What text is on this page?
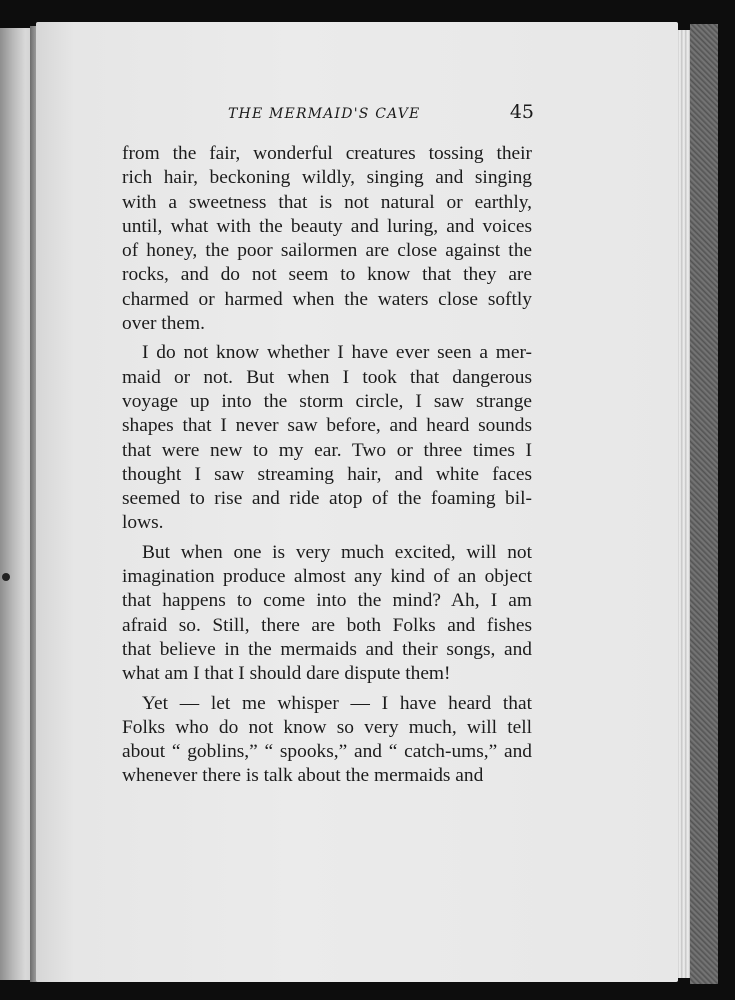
THE MERMAID'S CAVE	45
from the fair, wonderful creatures tossing their
rich hair, beckoning wildly, singing and singing
with a sweetness that is not natural or earthly,
until, what with the beauty and luring, and voices
of honey, the poor sailormen are close against the
rocks, and do not seem to know that they are
charmed or harmed when the waters close softly
over them.
I do not know whether I have ever seen a mer-
maid or not. But when I took that dangerous
voyage up into the storm circle, I saw strange
shapes that I never saw before, and heard sounds
that were new to my ear. Two or three times I
thought I saw streaming hair, and white faces
seemed to rise and ride atop of the foaming bil-
lows.
But when one is very much excited, will not
imagination produce almost any kind of an object
that happens to come into the mind? Ah, I am
afraid so. Still, there are both Folks and fishes
that believe in the mermaids and their songs, and
what am I that I should dare dispute them!
Yet — let me whisper — I have heard that
Folks who do not know so very much, will tell
about “ goblins,” “ spooks,” and “ catch-ums,” and
whenever there is talk about the mermaids and
